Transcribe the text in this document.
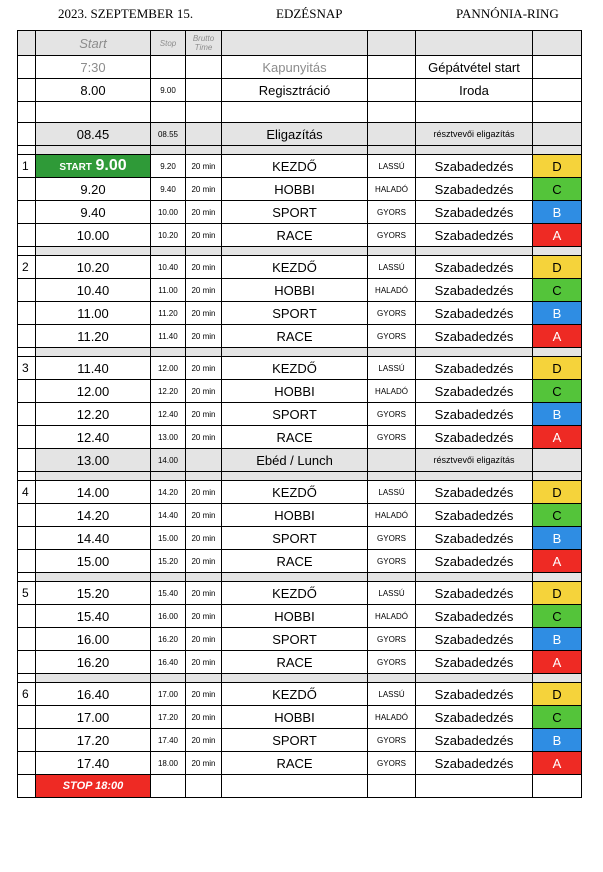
2023. SZEPTEMBER 15.	EDZÉSNAP	PANNÓNIA-RING
	Start	Stop	Brutto Time				
	7:30			Kapunyitás		Gépátvétel start	
	8.00	9.00		Regisztráció		Iroda	

	08.45	08.55		Eligazítás		résztvevői eligazítás	

1	START 9.00	9.20	20 min	KEZDŐ	LASSÚ	Szabadedzés	D
	9.20	9.40	20 min	HOBBI	HALADÓ	Szabadedzés	C
	9.40	10.00	20 min	SPORT	GYORS	Szabadedzés	B
	10.00	10.20	20 min	RACE	GYORS	Szabadedzés	A

2	10.20	10.40	20 min	KEZDŐ	LASSÚ	Szabadedzés	D
	10.40	11.00	20 min	HOBBI	HALADÓ	Szabadedzés	C
	11.00	11.20	20 min	SPORT	GYORS	Szabadedzés	B
	11.20	11.40	20 min	RACE	GYORS	Szabadedzés	A

3	11.40	12.00	20 min	KEZDŐ	LASSÚ	Szabadedzés	D
	12.00	12.20	20 min	HOBBI	HALADÓ	Szabadedzés	C
	12.20	12.40	20 min	SPORT	GYORS	Szabadedzés	B
	12.40	13.00	20 min	RACE	GYORS	Szabadedzés	A
	13.00	14.00		Ebéd / Lunch		résztvevői eligazítás	

4	14.00	14.20	20 min	KEZDŐ	LASSÚ	Szabadedzés	D
	14.20	14.40	20 min	HOBBI	HALADÓ	Szabadedzés	C
	14.40	15.00	20 min	SPORT	GYORS	Szabadedzés	B
	15.00	15.20	20 min	RACE	GYORS	Szabadedzés	A

5	15.20	15.40	20 min	KEZDŐ	LASSÚ	Szabadedzés	D
	15.40	16.00	20 min	HOBBI	HALADÓ	Szabadedzés	C
	16.00	16.20	20 min	SPORT	GYORS	Szabadedzés	B
	16.20	16.40	20 min	RACE	GYORS	Szabadedzés	A

6	16.40	17.00	20 min	KEZDŐ	LASSÚ	Szabadedzés	D
	17.00	17.20	20 min	HOBBI	HALADÓ	Szabadedzés	C
	17.20	17.40	20 min	SPORT	GYORS	Szabadedzés	B
	17.40	18.00	20 min	RACE	GYORS	Szabadedzés	A
	STOP 18:00						
